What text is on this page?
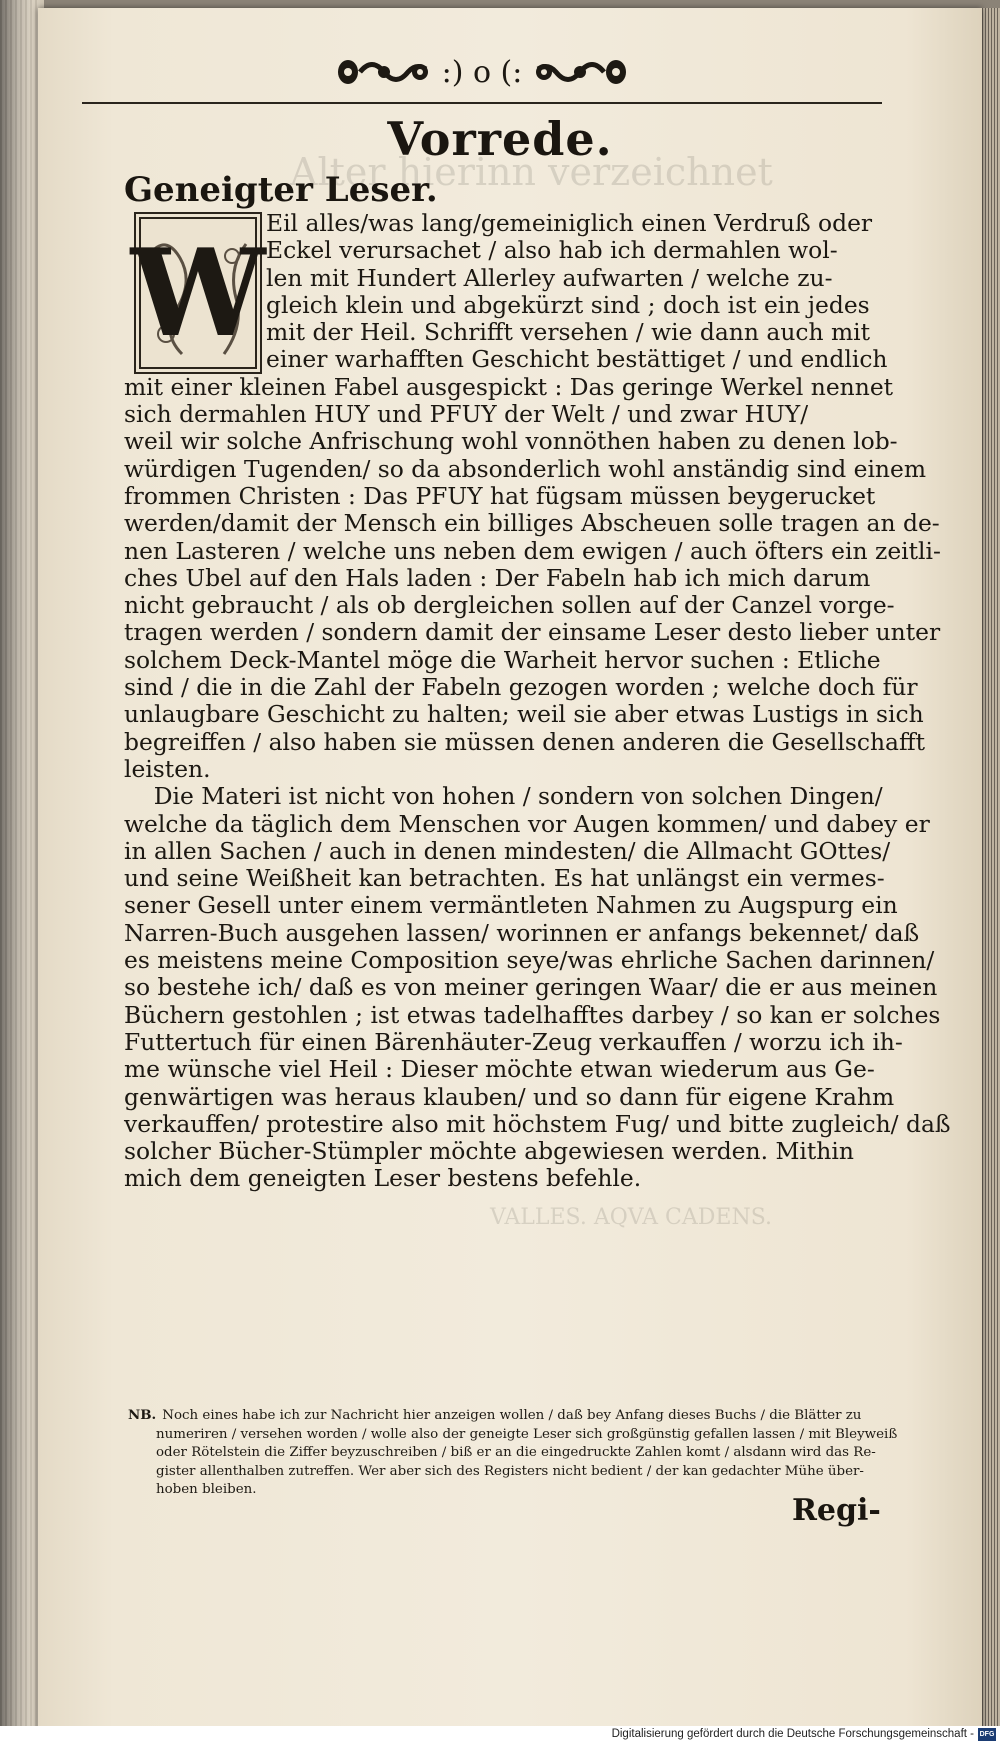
Alter hierinn verzeichnet
VALLES. AQVA CADENS.
:) o (:
Vorrede.
Geneigter Leser.
W Eil alles/was lang/gemeiniglich einen Verdruß oder
Eckel verursachet / also hab ich dermahlen wol-
len mit Hundert Allerley aufwarten / welche zu-
gleich klein und abgekürzt sind ; doch ist ein jedes
mit der Heil. Schrifft versehen / wie dann auch mit
einer warhafften Geschicht bestättiget / und endlich
mit einer kleinen Fabel ausgespickt : Das geringe Werkel nennet
sich dermahlen HUY und PFUY der Welt / und zwar HUY/
weil wir solche Anfrischung wohl vonnöthen haben zu denen lob-
würdigen Tugenden/ so da absonderlich wohl anständig sind einem
frommen Christen : Das PFUY hat fügsam müssen beygerucket
werden/damit der Mensch ein billiges Abscheuen solle tragen an de-
nen Lasteren / welche uns neben dem ewigen / auch öfters ein zeitli-
ches Ubel auf den Hals laden : Der Fabeln hab ich mich darum
nicht gebraucht / als ob dergleichen sollen auf der Canzel vorge-
tragen werden / sondern damit der einsame Leser desto lieber unter
solchem Deck-Mantel möge die Warheit hervor suchen : Etliche
sind / die in die Zahl der Fabeln gezogen worden ; welche doch für
unlaugbare Geschicht zu halten; weil sie aber etwas Lustigs in sich
begreiffen / also haben sie müssen denen anderen die Gesellschafft
leisten.
Die Materi ist nicht von hohen / sondern von solchen Dingen/
welche da täglich dem Menschen vor Augen kommen/ und dabey er
in allen Sachen / auch in denen mindesten/ die Allmacht GOttes/
und seine Weißheit kan betrachten. Es hat unlängst ein vermes-
sener Gesell unter einem vermäntleten Nahmen zu Augspurg ein
Narren-Buch ausgehen lassen/ worinnen er anfangs bekennet/ daß
es meistens meine Composition seye/was ehrliche Sachen darinnen/
so bestehe ich/ daß es von meiner geringen Waar/ die er aus meinen
Büchern gestohlen ; ist etwas tadelhafftes darbey / so kan er solches
Futtertuch für einen Bärenhäuter-Zeug verkauffen / worzu ich ih-
me wünsche viel Heil : Dieser möchte etwan wiederum aus Ge-
genwärtigen was heraus klauben/ und so dann für eigene Krahm
verkauffen/ protestire also mit höchstem Fug/ und bitte zugleich/ daß
solcher Bücher-Stümpler möchte abgewiesen werden. Mithin
mich dem geneigten Leser bestens befehle.
NB. Noch eines habe ich zur Nachricht hier anzeigen wollen / daß bey Anfang dieses Buchs / die Blätter zu
numeriren / versehen worden / wolle also der geneigte Leser sich großgünstig gefallen lassen / mit Bleyweiß
oder Rötelstein die Ziffer beyzuschreiben / biß er an die eingedruckte Zahlen komt / alsdann wird das Re-
gister allenthalben zutreffen. Wer aber sich des Registers nicht bedient / der kan gedachter Mühe über-
hoben bleiben.
Regi-
Digitalisierung gefördert durch die Deutsche Forschungsgemeinschaft - DFG
